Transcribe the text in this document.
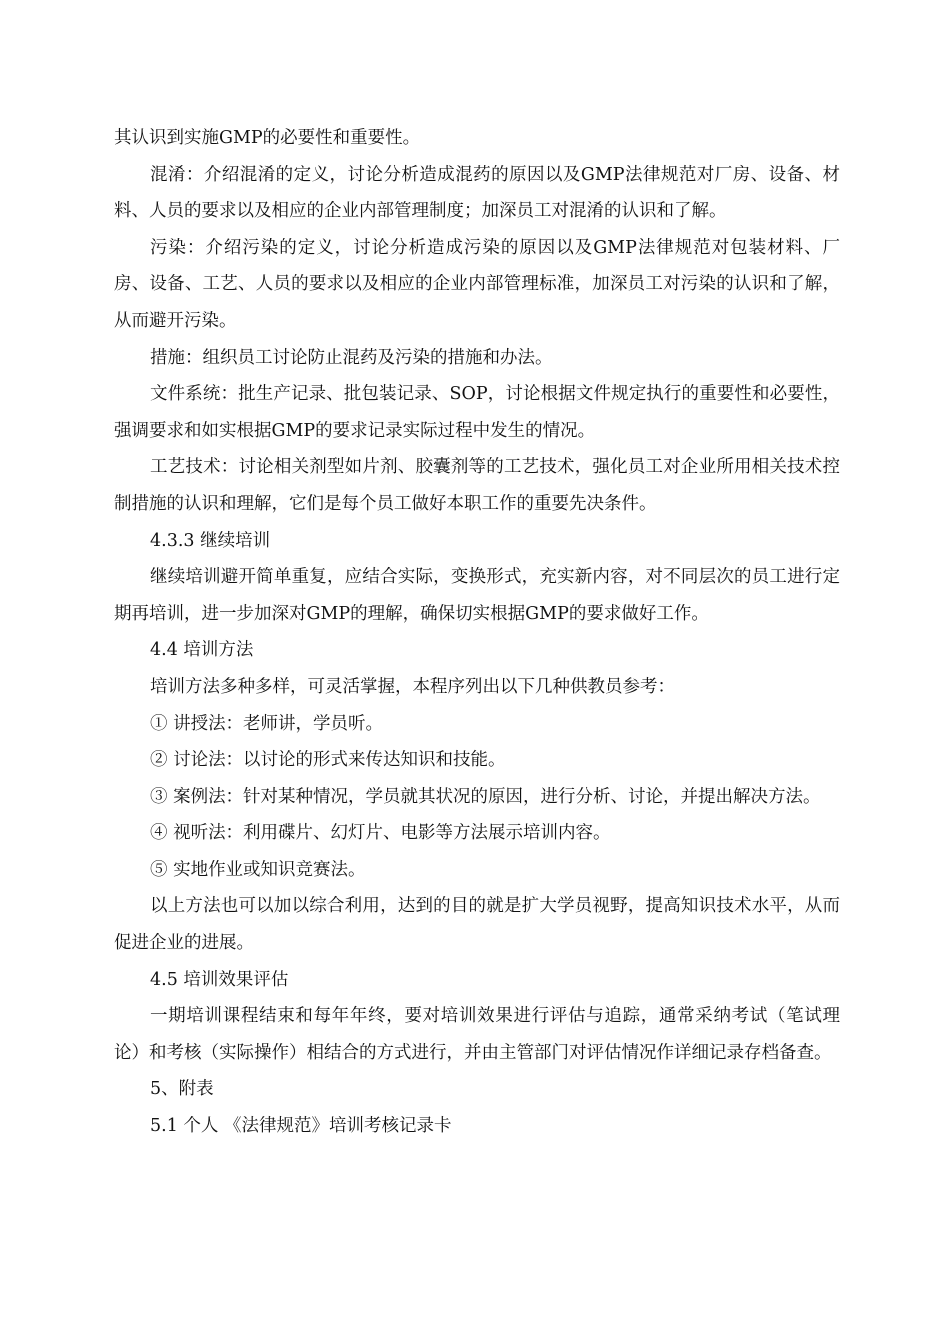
其认识到实施GMP的必要性和重要性。

混淆：介绍混淆的定义，讨论分析造成混药的原因以及GMP法律规范对厂房、设备、材料、人员的要求以及相应的企业内部管理制度；加深员工对混淆的认识和了解。

污染：介绍污染的定义，讨论分析造成污染的原因以及GMP法律规范对包装材料、厂房、设备、工艺、人员的要求以及相应的企业内部管理标准，加深员工对污染的认识和了解，从而避开污染。

措施：组织员工讨论防止混药及污染的措施和办法。

文件系统：批生产记录、批包装记录、SOP，讨论根据文件规定执行的重要性和必要性，强调要求和如实根据GMP的要求记录实际过程中发生的情况。

工艺技术：讨论相关剂型如片剂、胶囊剂等的工艺技术，强化员工对企业所用相关技术控制措施的认识和理解，它们是每个员工做好本职工作的重要先决条件。

4.3.3 继续培训

继续培训避开简单重复，应结合实际，变换形式，充实新内容，对不同层次的员工进行定期再培训，进一步加深对GMP的理解，确保切实根据GMP的要求做好工作。

4.4 培训方法

培训方法多种多样，可灵活掌握，本程序列出以下几种供教员参考：

① 讲授法：老师讲，学员听。

② 讨论法：以讨论的形式来传达知识和技能。

③ 案例法：针对某种情况，学员就其状况的原因，进行分析、讨论，并提出解决方法。

④ 视听法：利用碟片、幻灯片、电影等方法展示培训内容。

⑤ 实地作业或知识竞赛法。

以上方法也可以加以综合利用，达到的目的就是扩大学员视野，提高知识技术水平，从而促进企业的进展。

4.5 培训效果评估

一期培训课程结束和每年年终，要对培训效果进行评估与追踪，通常采纳考试（笔试理论）和考核（实际操作）相结合的方式进行，并由主管部门对评估情况作详细记录存档备查。

5、附表

5.1 个人 《法律规范》培训考核记录卡
